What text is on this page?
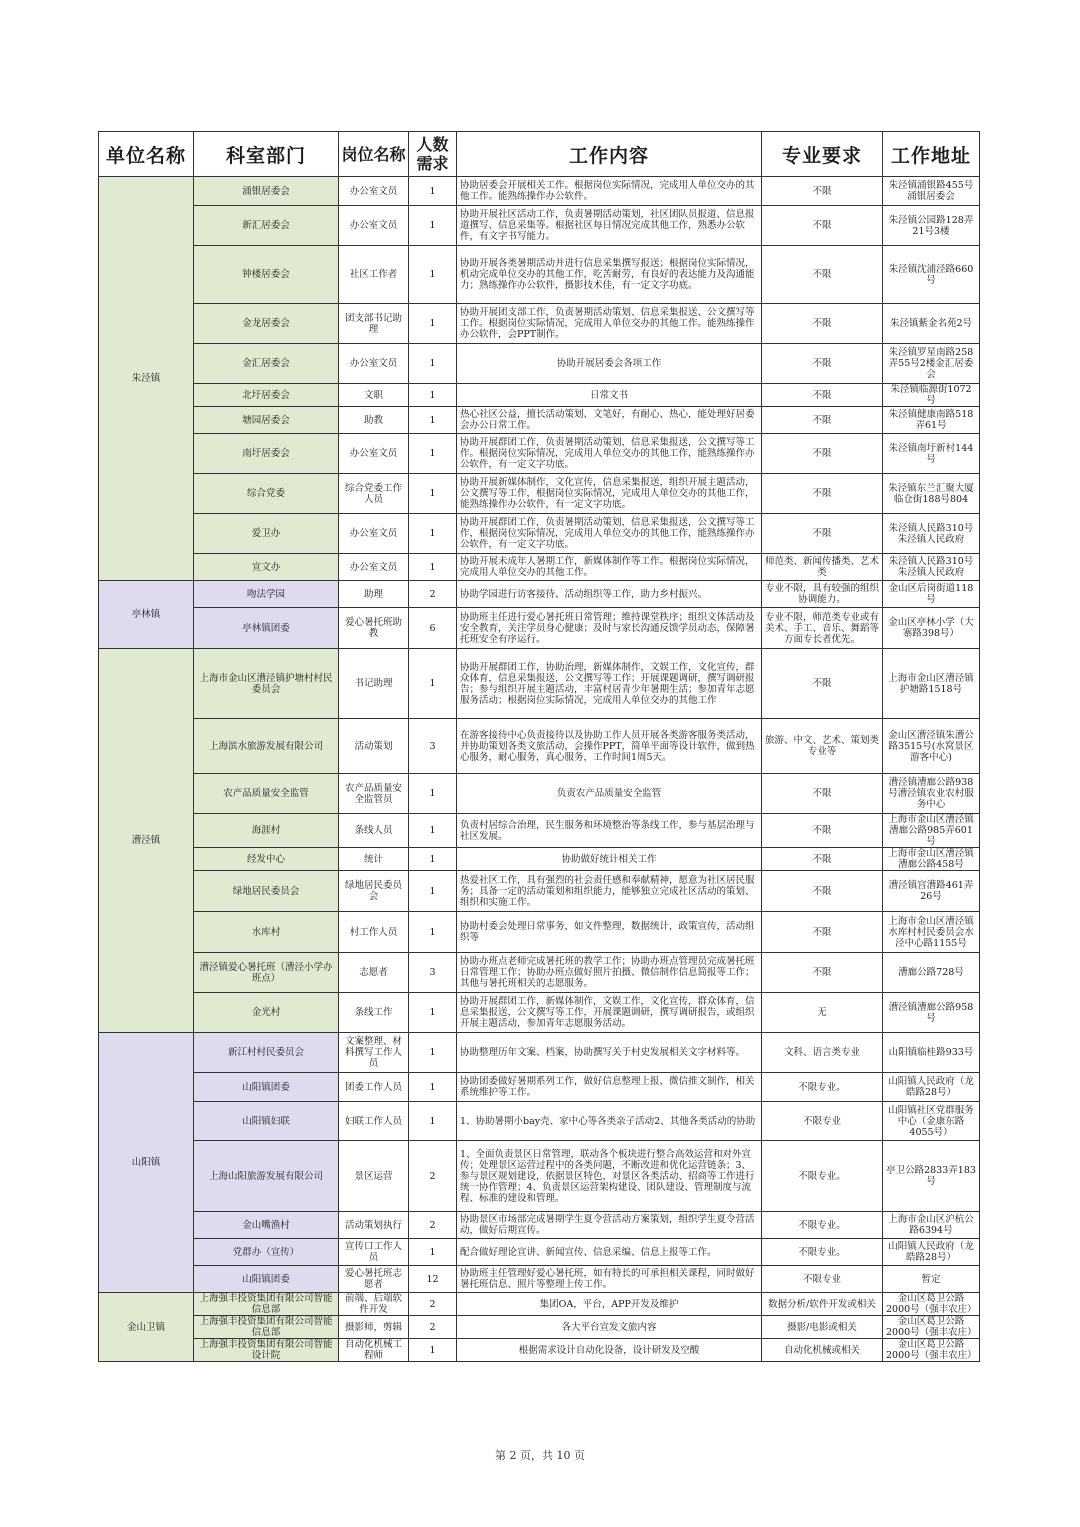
单位名称	科室部门	岗位名称	人数需求	工作内容	专业要求	工作地址
朱泾镇	涌银居委会	办公室文员	1	协助居委会开展相关工作。根据岗位实际情况，完成用人单位交办的其他工作。能熟练操作办公软件。	不限	朱泾镇涌银路455号涌银居委会
	新汇居委会	办公室文员	1	协助开展社区活动工作，负责暑期活动策划，社区团队员报道、信息报道撰写、信息采集等。根据社区每日情况完成其他工作，熟悉办公软件，有文字书写能力。	不限	朱泾镇公园路128弄21号3楼
	钟楼居委会	社区工作者	1	协助开展各类暑期活动并进行信息采集撰写报送；根据岗位实际情况，机动完成单位交办的其他工作，吃苦耐劳，有良好的表达能力及沟通能力；熟练操作办公软件，摄影技术佳，有一定文字功底。	不限	朱泾镇沈浦泾路660号
	金龙居委会	团支部书记助理	1	协助开展团支部工作，负责暑期活动策划、信息采集报送、公文撰写等工作。根据岗位实际情况，完成用人单位交办的其他工作。能熟练操作办公软件，会PPT制作。	不限	朱泾镇紫金名苑2号
	金汇居委会	办公室文员	1	协助开展居委会各项工作	不限	朱泾镇罗星南路258弄55号2楼金汇居委会
	北圩居委会	文职	1	日常文书	不限	朱泾镇临源街1072号
	塘园居委会	助教	1	热心社区公益，擅长活动策划、文笔好，有耐心、热心，能处理好居委会办公日常工作。	不限	朱泾镇健康南路518弄61号
	南圩居委会	办公室文员	1	协助开展群团工作，负责暑期活动策划，信息采集报送，公文撰写等工作。根据岗位实际情况，完成用人单位交办的其他工作，能熟练操作办公软件，有一定文字功底。	不限	朱泾镇南圩新村144号
	综合党委	综合党委工作人员	1	协助开展新媒体制作，文化宣传，信息采集报送，组织开展主题活动，公文撰写等工作，根据岗位实际情况，完成用人单位交办的其他工作，能熟练操作办公软件，有一定文字功底。	不限	朱泾镇东兰汇聚大厦临仓街188号804
	爱卫办	办公室文员	1	协助开展群团工作，负责暑期活动策划，信息采集报送，公文撰写等工作，根据岗位实际情况，完成用人单位交办的其他工作，能熟练操作办公软件，有一定文字功底。	不限	朱泾镇人民路310号朱泾镇人民政府
	宣文办	办公室文员	1	协助开展未成年人暑期工作，新媒体制作等工作。根据岗位实际情况，完成用人单位交办的其他工作。	师范类、新闻传播类、艺术类	朱泾镇人民路310号朱泾镇人民政府
亭林镇	吻法学园	助理	2	协助学园进行访客接待、活动组织等工作，助力乡村振兴。	专业不限，具有较强的组织协调能力。	金山区后岗街道118号
	亭林镇团委	爱心暑托班助教	6	协助班主任进行爱心暑托班日常管理；维持课堂秩序；组织文体活动及安全教育，关注学员身心健康；及时与家长沟通反馈学员动态，保障暑托班安全有序运行。	专业不限，师范类专业或有美术、手工、音乐、舞蹈等方面专长者优先。	金山区亭林小学（大寨路398号）
漕泾镇	上海市金山区漕泾镇护塘村村民委员会	书记助理	1	协助开展群团工作，协助治理，新媒体制作，文娱工作，文化宣传，群众体育，信息采集报送，公文撰写等工作；开展课题调研，撰写调研报告；参与组织开展主题活动，丰富村居青少年暑期生活；参加青年志愿服务活动；根据岗位实际情况，完成用人单位交办的其他工作	不限	上海市金山区漕泾镇护塘路1518号
	上海滨水旅游发展有限公司	活动策划	3	在游客接待中心负责接待以及协助工作人员开展各类游客服务类活动，并协助策划各类文旅活动，会操作PPT，简单平面等设计软件，做到热心服务，耐心服务，真心服务，工作时间1周5天。	旅游、中文、艺术、策划类专业等	金山区漕泾镇朱漕公路3515号(水窝景区游客中心)
	农产品质量安全监管	农产品质量安全监管员	1	负责农产品质量安全监管	不限	漕泾镇漕廊公路938号漕泾镇农业农村服务中心
	海涯村	条线人员	1	负责村居综合治理，民生服务和环境整治等条线工作，参与基层治理与社区发展。	不限	上海市金山区漕泾镇漕廊公路985弄601号
	经发中心	统计	1	协助做好统计相关工作	不限	上海市金山区漕泾镇漕廊公路458号
	绿地居民委员会	绿地居民委员会	1	热爱社区工作，具有强烈的社会责任感和奉献精神，愿意为社区居民服务；具备一定的活动策划和组织能力，能够独立完成社区活动的策划、组织和实施工作。	不限	漕泾镇宫漕路461弄26号
	水库村	村工作人员	1	协助村委会处理日常事务，如文件整理，数据统计，政策宣传，活动组织等	不限	上海市金山区漕泾镇水库村村民委员会水泾中心路1155号
	漕泾镇爱心暑托班（漕泾小学办班点）	志愿者	3	协助办班点老师完成暑托班的教学工作；协助办班点管理员完成暑托班日常管理工作；协助办班点做好照片拍摄、微信制作信息简报等工作；其他与暑托班相关的志愿服务。	不限	漕廊公路728号
	金光村	条线工作	1	协助开展群团工作，新媒体制作，文娱工作，文化宣传，群众体育，信息采集报送，公文撰写等工作，开展课题调研，撰写调研报告，或组织开展主题活动，参加青年志愿服务活动。	无	漕泾镇漕廊公路958号
山阳镇	新江村村民委员会	文案整理、材料撰写工作人员	1	协助整理历年文案、档案，协助撰写关于村史发展相关文字材料等。	文科、语言类专业	山阳镇临桂路933号
	山阳镇团委	团委工作人员	1	协助团委做好暑期系列工作，做好信息整理上报、微信推文制作，相关系统维护等工作。	不限专业。	山阳镇人民政府（龙皓路28号）
	山阳镇妇联	妇联工作人员	1	1、协助暑期小bay壳、家中心等各类亲子活动2、其他各类活动的协助	不限专业	山阳镇社区党群服务中心（金康东路4055号）
	上海山阳旅游发展有限公司	景区运营	2	1、全面负责景区日常管理，联动各个板块进行整合高效运营和对外宣传；处理景区运营过程中的各类问题，不断改进和优化运营链条；3、参与景区规划建设，依据景区特色，对景区各类活动、招商等工作进行统一协作管理；4、负责景区运营架构建设、团队建设、管理制度与流程、标准的建设和管理。	不限专业。	亭卫公路2833弄183号
	金山嘴渔村	活动策划执行	2	协助景区市场部完成暑期学生夏令营活动方案策划，组织学生夏令营活动，做好后期宣传。	不限专业。	上海市金山区沪杭公路6394号
	党群办（宣传）	宣传口工作人员	1	配合做好理论宣讲、新闻宣传、信息采编、信息上报等工作。	不限专业。	山阳镇人民政府（龙皓路28号）
	山阳镇团委	爱心暑托班志愿者	12	协助班主任管理好爱心暑托班，如有特长的可承担相关课程，同时做好暑托班信息、照片等整理上传工作。	不限专业	暂定
金山卫镇	上海强丰投资集团有限公司智能信息部	前端、后端软件开发	2	集团OA，平台，APP开发及维护	数据分析/软件开发或相关	金山区葛卫公路2000号（强丰农庄）
	上海强丰投资集团有限公司智能信息部	摄影师，剪辑	2	各大平台宣发文旅内容	摄影/电影或相关	金山区葛卫公路2000号（强丰农庄）
	上海强丰投资集团有限公司智能设计院	自动化机械工程师	1	根据需求设计自动化设备，设计研发及空酸	自动化机械或相关	金山区葛卫公路2000号（强丰农庄）
第 2 页，共 10 页
